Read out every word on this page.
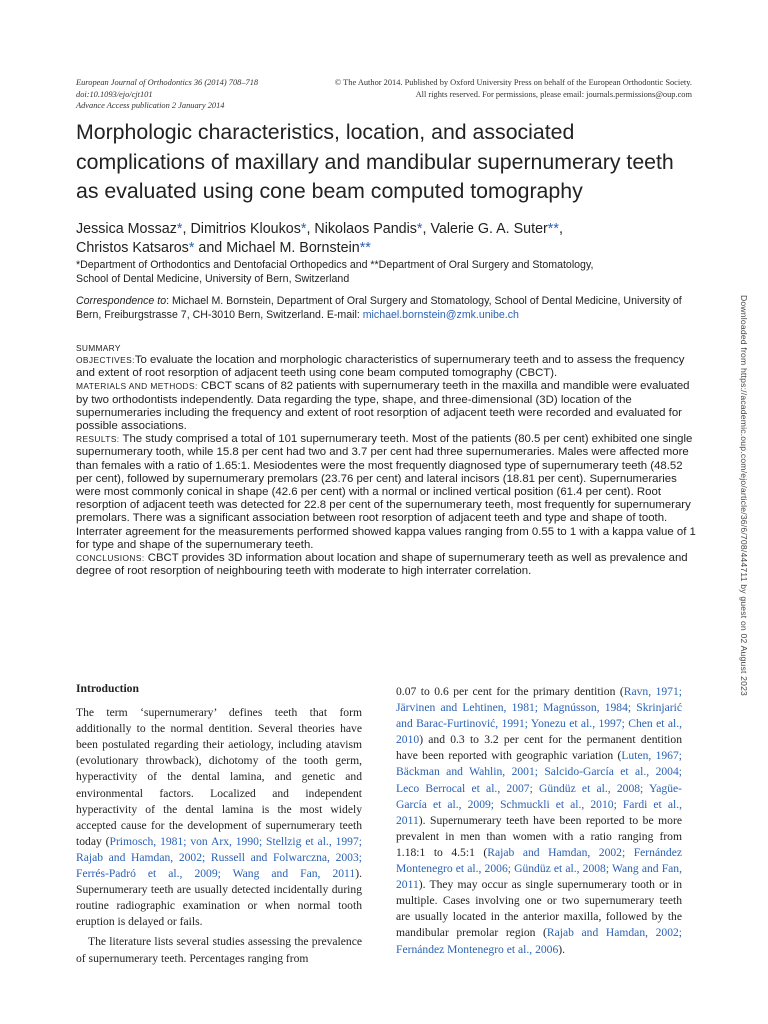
European Journal of Orthodontics 36 (2014) 708–718
doi:10.1093/ejo/cjt101
Advance Access publication 2 January 2014
© The Author 2014. Published by Oxford University Press on behalf of the European Orthodontic Society.
All rights reserved. For permissions, please email: journals.permissions@oup.com
Morphologic characteristics, location, and associated
complications of maxillary and mandibular supernumerary teeth
as evaluated using cone beam computed tomography
Jessica Mossaz*, Dimitrios Kloukos*, Nikolaos Pandis*, Valerie G. A. Suter**,
Christos Katsaros* and Michael M. Bornstein**
*Department of Orthodontics and Dentofacial Orthopedics and **Department of Oral Surgery and Stomatology,
School of Dental Medicine, University of Bern, Switzerland
Correspondence to: Michael M. Bornstein, Department of Oral Surgery and Stomatology, School of Dental Medicine, University of Bern, Freiburgstrasse 7, CH-3010 Bern, Switzerland. E-mail: michael.bornstein@zmk.unibe.ch
SUMMARY
OBJECTIVES:To evaluate the location and morphologic characteristics of supernumerary teeth and to assess the frequency and extent of root resorption of adjacent teeth using cone beam computed tomography (CBCT).
MATERIALS AND METHODS: CBCT scans of 82 patients with supernumerary teeth in the maxilla and mandible were evaluated by two orthodontists independently. Data regarding the type, shape, and three-dimensional (3D) location of the supernumeraries including the frequency and extent of root resorption of adjacent teeth were recorded and evaluated for possible associations.
RESULTS: The study comprised a total of 101 supernumerary teeth. Most of the patients (80.5 per cent) exhibited one single supernumerary tooth, while 15.8 per cent had two and 3.7 per cent had three supernumeraries. Males were affected more than females with a ratio of 1.65:1. Mesiodentes were the most frequently diagnosed type of supernumerary teeth (48.52 per cent), followed by supernumerary premolars (23.76 per cent) and lateral incisors (18.81 per cent). Supernumeraries were most commonly conical in shape (42.6 per cent) with a normal or inclined vertical position (61.4 per cent). Root resorption of adjacent teeth was detected for 22.8 per cent of the supernumerary teeth, most frequently for supernumerary premolars. There was a significant association between root resorption of adjacent teeth and type and shape of tooth. Interrater agreement for the measurements performed showed kappa values ranging from 0.55 to 1 with a kappa value of 1 for type and shape of the supernumerary teeth.
CONCLUSIONS: CBCT provides 3D information about location and shape of supernumerary teeth as well as prevalence and degree of root resorption of neighbouring teeth with moderate to high interrater correlation.
Introduction

The term ‘supernumerary’ defines teeth that form additionally to the normal dentition. Several theories have been postulated regarding their aetiology, including atavism (evolutionary throwback), dichotomy of the tooth germ, hyperactivity of the dental lamina, and genetic and environmental factors. Localized and independent hyperactivity of the dental lamina is the most widely accepted cause for the development of supernumerary teeth today (Primosch, 1981; von Arx, 1990; Stellzig et al., 1997; Rajab and Hamdan, 2002; Russell and Folwarczna, 2003; Ferrés-Padró et al., 2009; Wang and Fan, 2011). Supernumerary teeth are usually detected incidentally during routine radiographic examination or when normal tooth eruption is delayed or fails.

The literature lists several studies assessing the prevalence of supernumerary teeth. Percentages ranging from

0.07 to 0.6 per cent for the primary dentition (Ravn, 1971; Järvinen and Lehtinen, 1981; Magnússon, 1984; Skrinjarić and Barac-Furtinović, 1991; Yonezu et al., 1997; Chen et al., 2010) and 0.3 to 3.2 per cent for the permanent dentition have been reported with geographic variation (Luten, 1967; Bäckman and Wahlin, 2001; Salcido-García et al., 2004; Leco Berrocal et al., 2007; Gündüz et al., 2008; Yagüe-García et al., 2009; Schmuckli et al., 2010; Fardi et al., 2011). Supernumerary teeth have been reported to be more prevalent in men than women with a ratio ranging from 1.18:1 to 4.5:1 (Rajab and Hamdan, 2002; Fernández Montenegro et al., 2006; Gündüz et al., 2008; Wang and Fan, 2011). They may occur as single supernumerary tooth or in multiple. Cases involving one or two supernumerary teeth are usually located in the anterior maxilla, followed by the mandibular premolar region (Rajab and Hamdan, 2002; Fernández Montenegro et al., 2006).

Downloaded from https://academic.oup.com/ejo/article/36/6/708/444711 by guest on 02 August 2023
